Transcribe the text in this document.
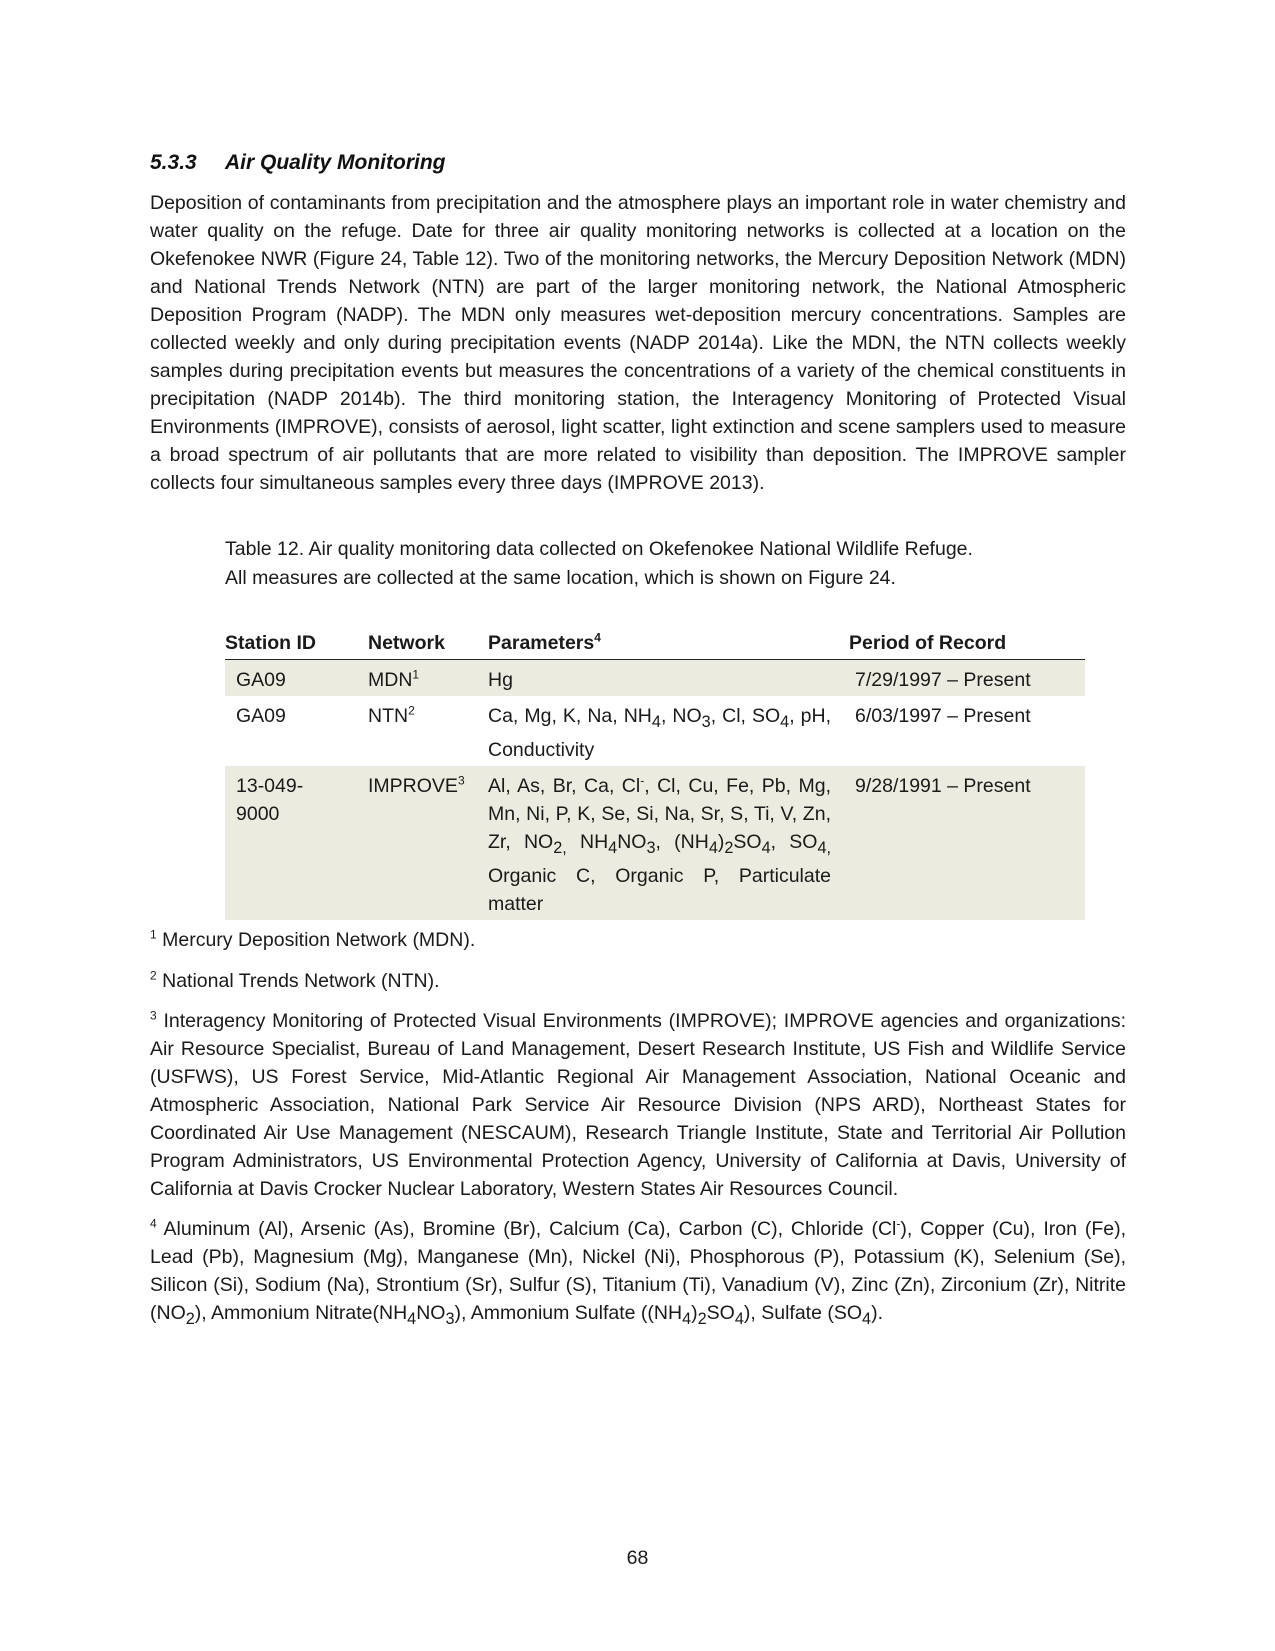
5.3.3 Air Quality Monitoring

Deposition of contaminants from precipitation and the atmosphere plays an important role in water chemistry and water quality on the refuge. Date for three air quality monitoring networks is collected at a location on the Okefenokee NWR (Figure 24, Table 12). Two of the monitoring networks, the Mercury Deposition Network (MDN) and National Trends Network (NTN) are part of the larger monitoring network, the National Atmospheric Deposition Program (NADP). The MDN only measures wet-deposition mercury concentrations. Samples are collected weekly and only during precipitation events (NADP 2014a). Like the MDN, the NTN collects weekly samples during precipitation events but measures the concentrations of a variety of the chemical constituents in precipitation (NADP 2014b). The third monitoring station, the Interagency Monitoring of Protected Visual Environments (IMPROVE), consists of aerosol, light scatter, light extinction and scene samplers used to measure a broad spectrum of air pollutants that are more related to visibility than deposition. The IMPROVE sampler collects four simultaneous samples every three days (IMPROVE 2013).

Table 12. Air quality monitoring data collected on Okefenokee National Wildlife Refuge.
All measures are collected at the same location, which is shown on Figure 24.
Station ID	Network	Parameters$^4$	Period of Record
GA09	MDN$^1$	Hg	7/29/1997 – Present
GA09	NTN$^2$	Ca, Mg, K, Na, $NH_4$, $NO_3$, Cl, $SO_4$, pH, Conductivity	6/03/1997 – Present
13-049-
9000	IMPROVE$^3$	Al, As, Br, Ca, Cl-, Cl, Cu, Fe, Pb, Mg, Mn, Ni, P, K, Se, Si, Na, Sr, S, Ti, V, Zn, Zr, $NO_{2,}$ $NH_4NO_3$, $(NH_4)_2SO_4$, $SO_{4,}$ Organic C, Organic P, Particulate matter	9/28/1991 – Present

$^1$ Mercury Deposition Network (MDN).

$^2$ National Trends Network (NTN).

$^3$ Interagency Monitoring of Protected Visual Environments (IMPROVE); IMPROVE agencies and organizations: Air Resource Specialist, Bureau of Land Management, Desert Research Institute, US Fish and Wildlife Service (USFWS), US Forest Service, Mid-Atlantic Regional Air Management Association, National Oceanic and Atmospheric Association, National Park Service Air Resource Division (NPS ARD), Northeast States for Coordinated Air Use Management (NESCAUM), Research Triangle Institute, State and Territorial Air Pollution Program Administrators, US Environmental Protection Agency, University of California at Davis, University of California at Davis Crocker Nuclear Laboratory, Western States Air Resources Council.

$^4$ Aluminum (Al), Arsenic (As), Bromine (Br), Calcium (Ca), Carbon (C), Chloride (Cl-), Copper (Cu), Iron (Fe), Lead (Pb), Magnesium (Mg), Manganese (Mn), Nickel (Ni), Phosphorous (P), Potassium (K), Selenium (Se), Silicon (Si), Sodium (Na), Strontium (Sr), Sulfur (S), Titanium (Ti), Vanadium (V), Zinc (Zn), Zirconium (Zr), Nitrite $(NO_2)$, Ammonium $Nitrate(NH_4NO_3)$, Ammonium Sulfate $((NH_4)_2SO_4)$, Sulfate $(SO_4)$.

68
